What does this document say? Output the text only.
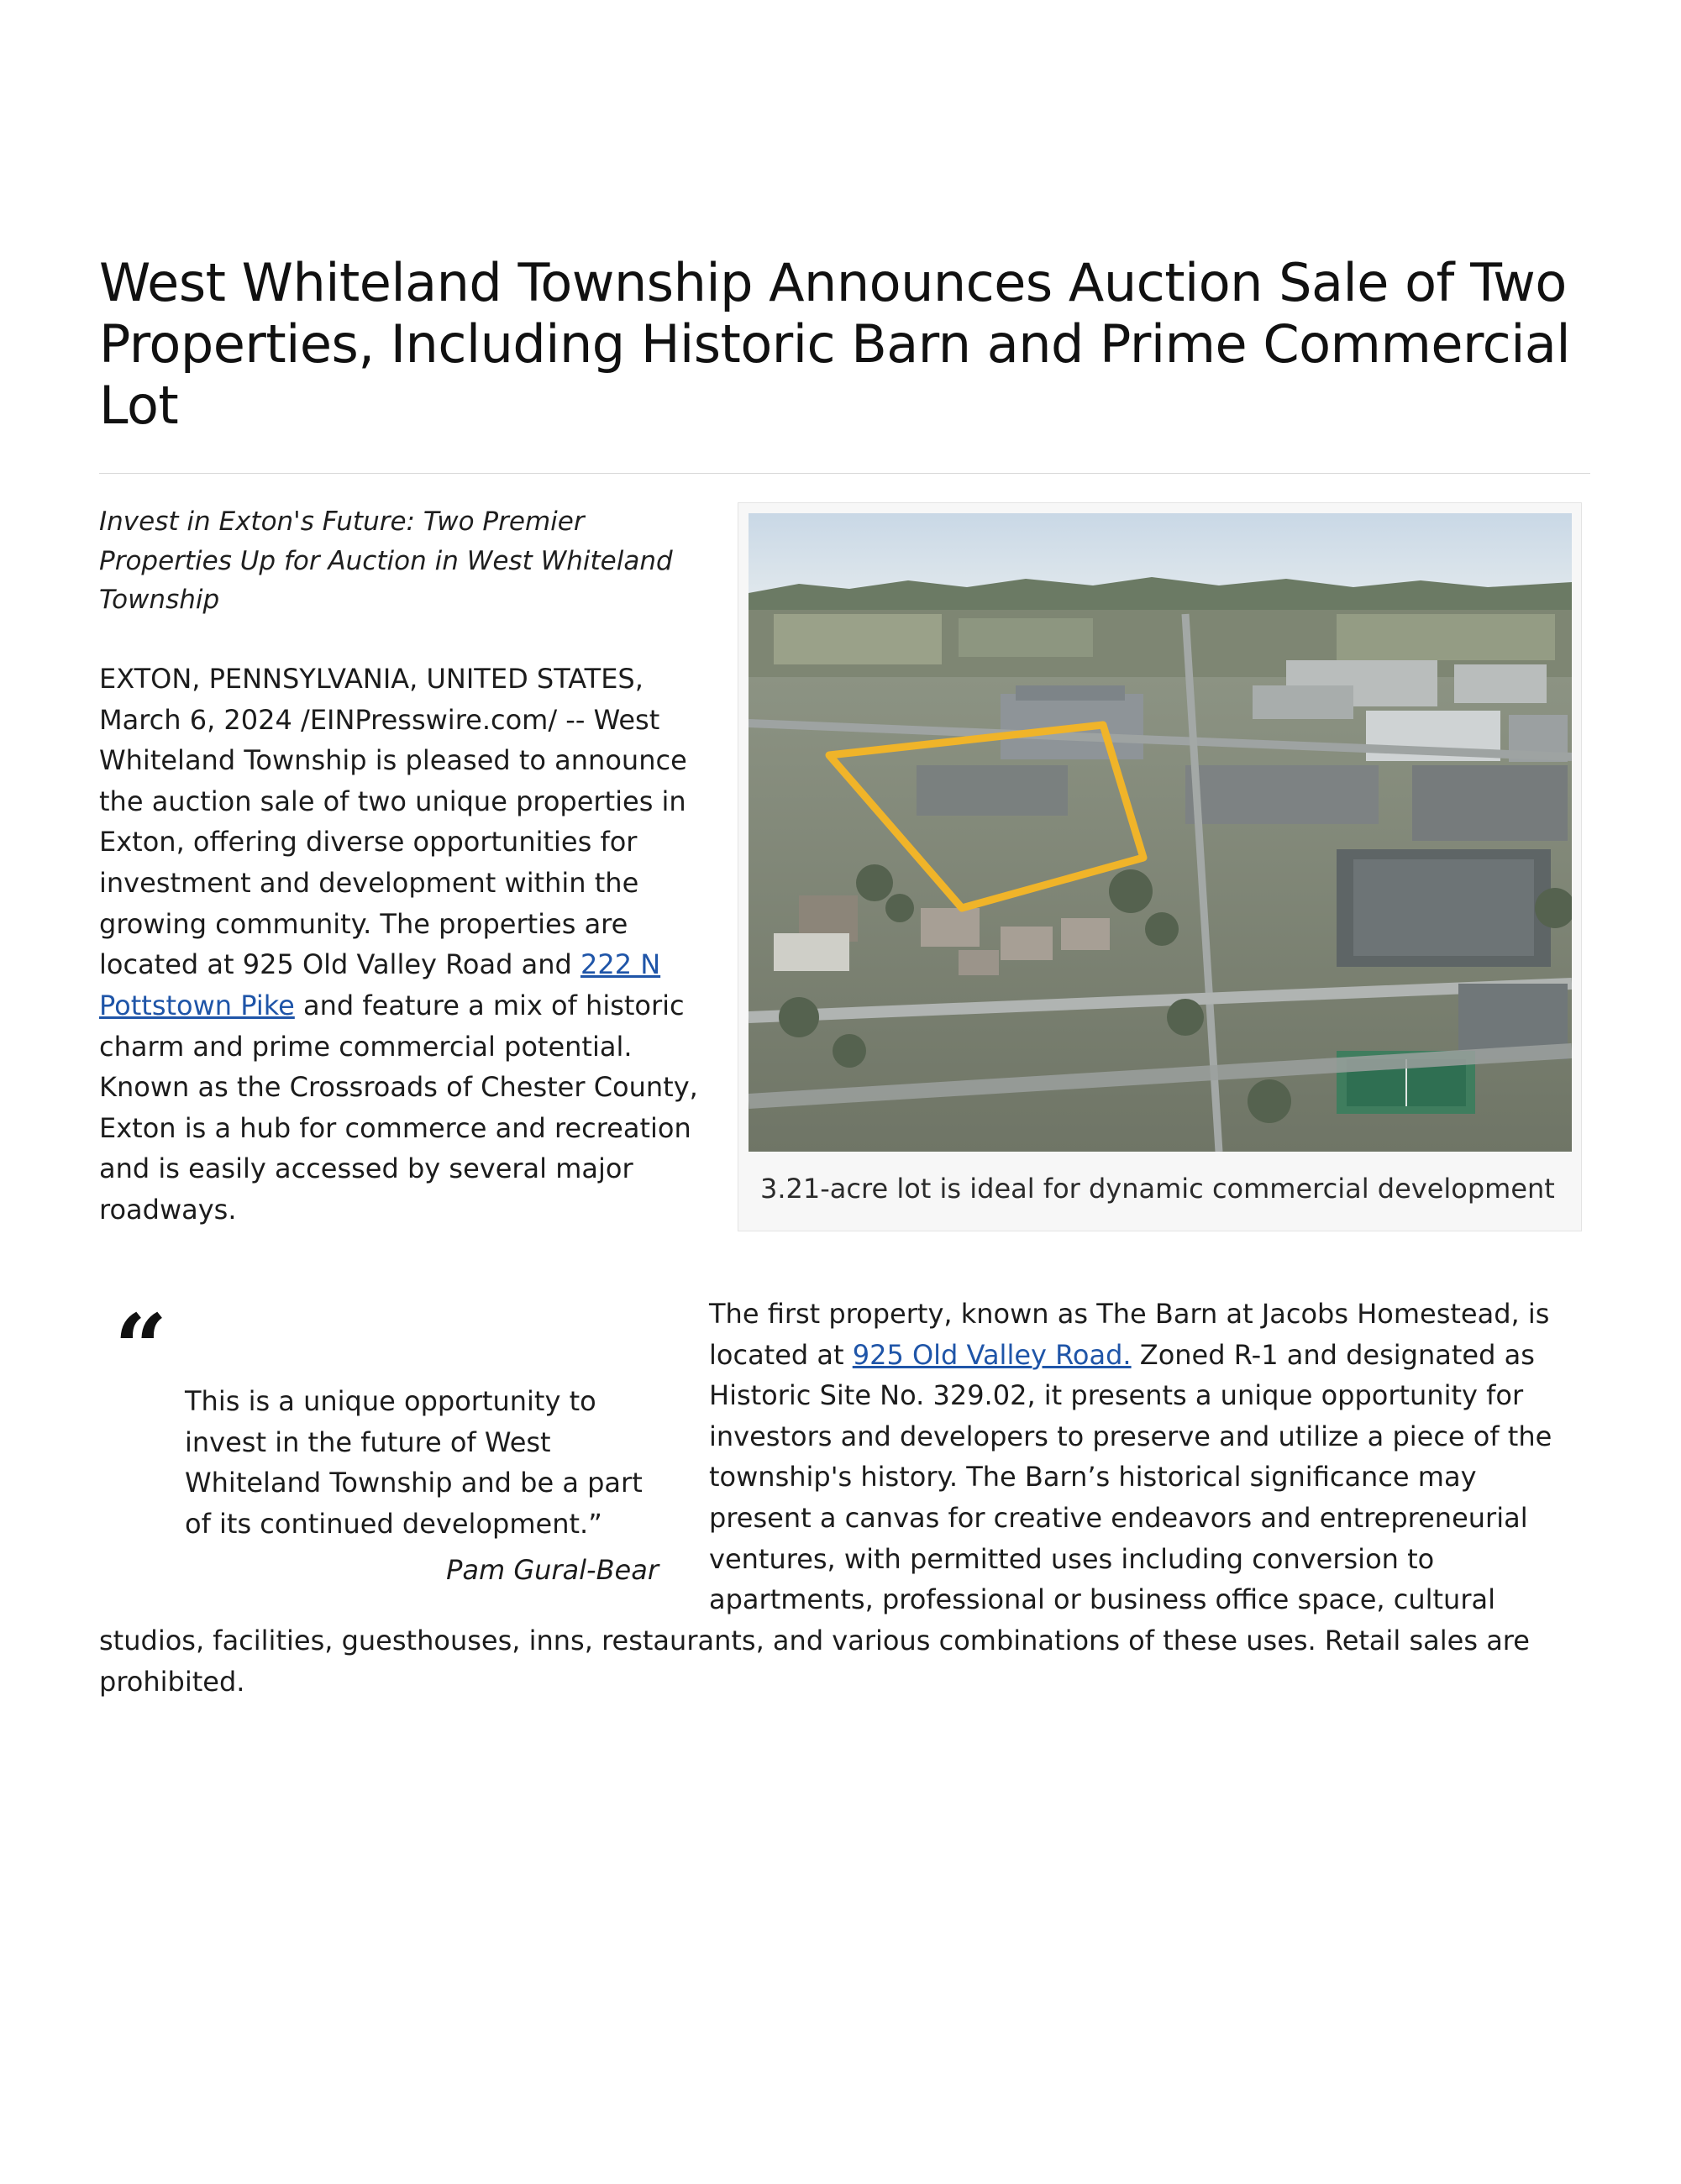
West Whiteland Township Announces Auction Sale of Two Properties, Including Historic Barn and Prime Commercial Lot
3.21-acre lot is ideal for dynamic commercial development

Invest in Exton's Future: Two Premier Properties Up for Auction in West Whiteland Township

EXTON, PENNSYLVANIA, UNITED STATES, March 6, 2024 /EINPresswire.com/ -- West Whiteland Township is pleased to announce the auction sale of two unique properties in Exton, offering diverse opportunities for investment and development within the growing community. The properties are located at 925 Old Valley Road and 222 N Pottstown Pike and feature a mix of historic charm and prime commercial potential. Known as the Crossroads of Chester County, Exton is a hub for commerce and recreation and is easily accessed by several major roadways.

“ This is a unique opportunity to invest in the future of West Whiteland Township and be a part of its continued development.”
Pam Gural-Bear

The first property, known as The Barn at Jacobs Homestead, is located at 925 Old Valley Road. Zoned R-1 and designated as Historic Site No. 329.02, it presents a unique opportunity for investors and developers to preserve and utilize a piece of the township's history. The Barn’s historical significance may present a canvas for creative endeavors and entrepreneurial ventures, with permitted uses including conversion to apartments, professional or business office space, cultural studios, facilities, guesthouses, inns, restaurants, and various combinations of these uses. Retail sales are prohibited.
